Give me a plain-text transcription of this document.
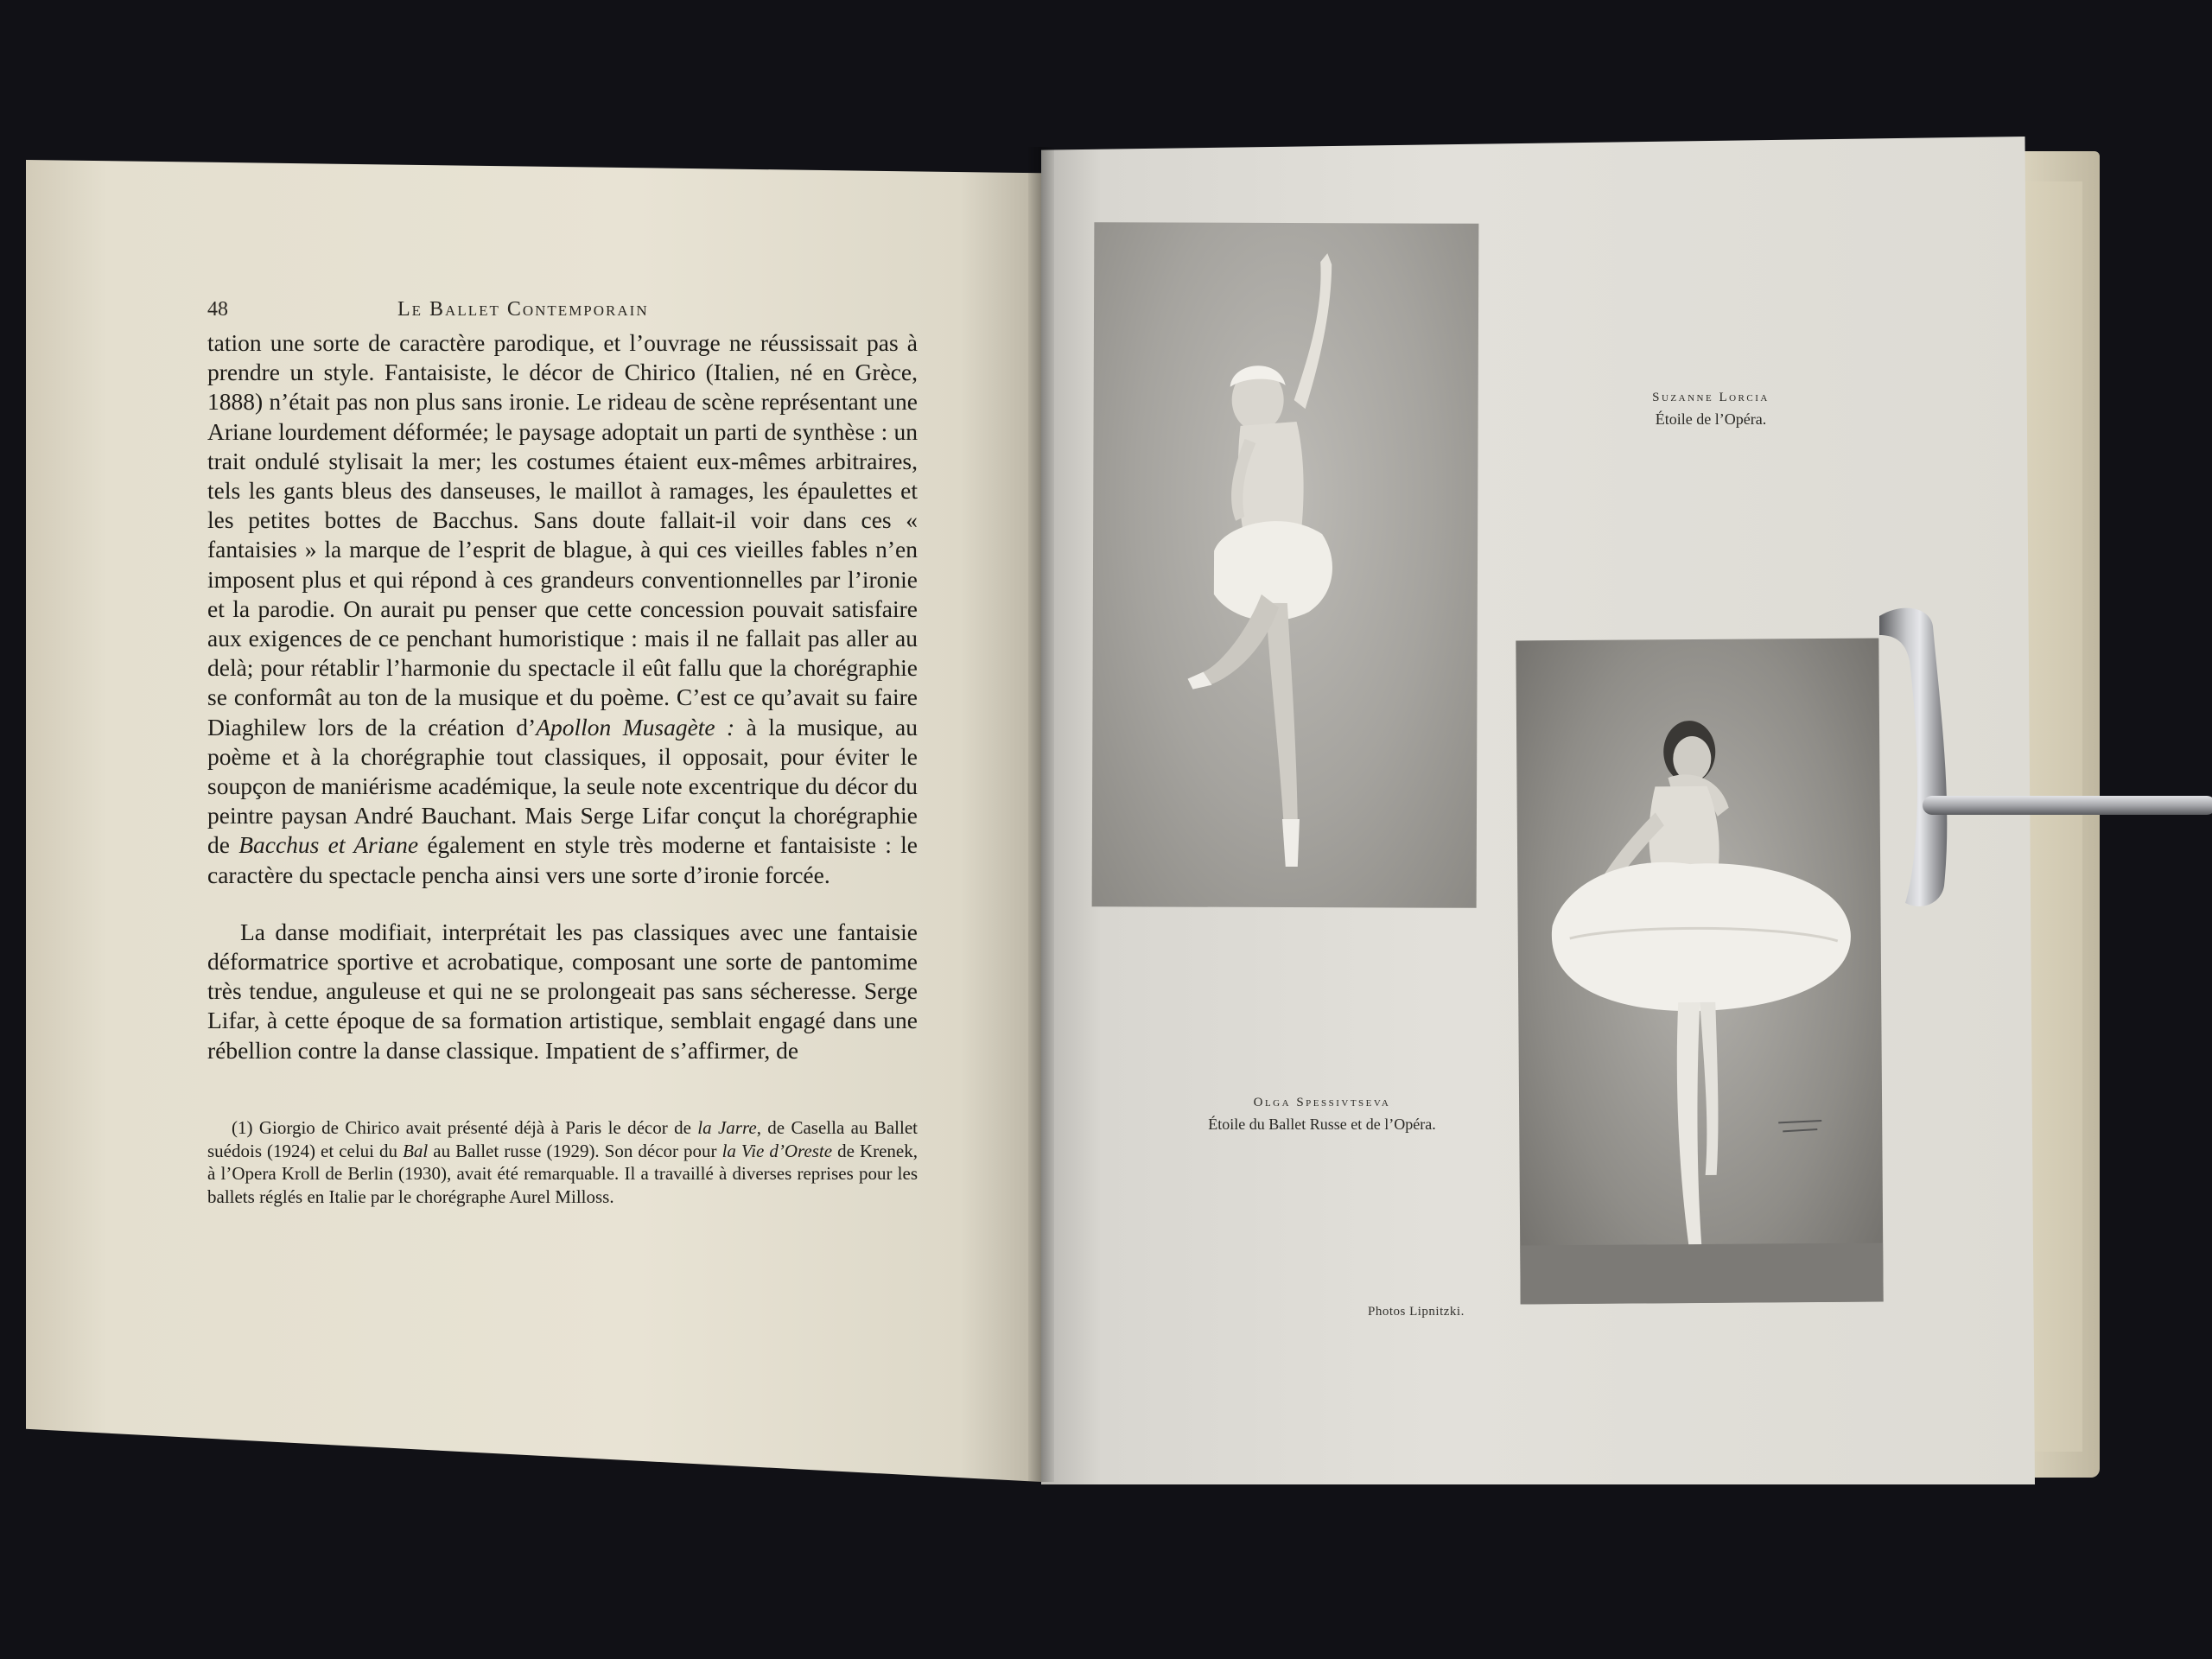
48	Le Ballet Contemporain

tation une sorte de caractère parodique, et l’ouvrage ne réussissait pas à prendre un style. Fantaisiste, le décor de Chirico (Italien, né en Grèce, 1888) n’était pas non plus sans ironie. Le rideau de scène représentant une Ariane lourdement déformée; le paysage adoptait un parti de synthèse : un trait ondulé stylisait la mer; les costumes étaient eux-mêmes arbitraires, tels les gants bleus des danseuses, le maillot à ramages, les épaulettes et les petites bottes de Bacchus. Sans doute fallait-il voir dans ces « fantaisies » la marque de l’esprit de blague, à qui ces vieilles fables n’en imposent plus et qui répond à ces grandeurs conventionnelles par l’ironie et la parodie. On aurait pu penser que cette concession pouvait satisfaire aux exigences de ce penchant humoristique : mais il ne fallait pas aller au delà; pour rétablir l’harmonie du spectacle il eût fallu que la chorégraphie se conformât au ton de la musique et du poème. C’est ce qu’avait su faire Diaghilew lors de la création d’Apollon Musagète : à la musique, au poème et à la chorégraphie tout classiques, il opposait, pour éviter le soupçon de maniérisme académique, la seule note excentrique du décor du peintre paysan André Bauchant. Mais Serge Lifar conçut la chorégraphie de Bacchus et Ariane également en style très moderne et fantaisiste : le caractère du spectacle pencha ainsi vers une sorte d’ironie forcée.

La danse modifiait, interprétait les pas classiques avec une fantaisie déformatrice sportive et acrobatique, composant une sorte de pantomime très tendue, anguleuse et qui ne se prolongeait pas sans sécheresse. Serge Lifar, à cette époque de sa formation artistique, semblait engagé dans une rébellion contre la danse classique. Impatient de s’affirmer, de

(1) Giorgio de Chirico avait présenté déjà à Paris le décor de la Jarre, de Casella au Ballet suédois (1924) et celui du Bal au Ballet russe (1929). Son décor pour la Vie d’Oreste de Krenek, à l’Opera Kroll de Berlin (1930), avait été remarquable. Il a travaillé à diverses reprises pour les ballets réglés en Italie par le chorégraphe Aurel Milloss.

Suzanne Lorcia
Étoile de l’Opéra.
Olga Spessivtseva
Étoile du Ballet Russe et de l’Opéra.
Photos Lipnitzki.
